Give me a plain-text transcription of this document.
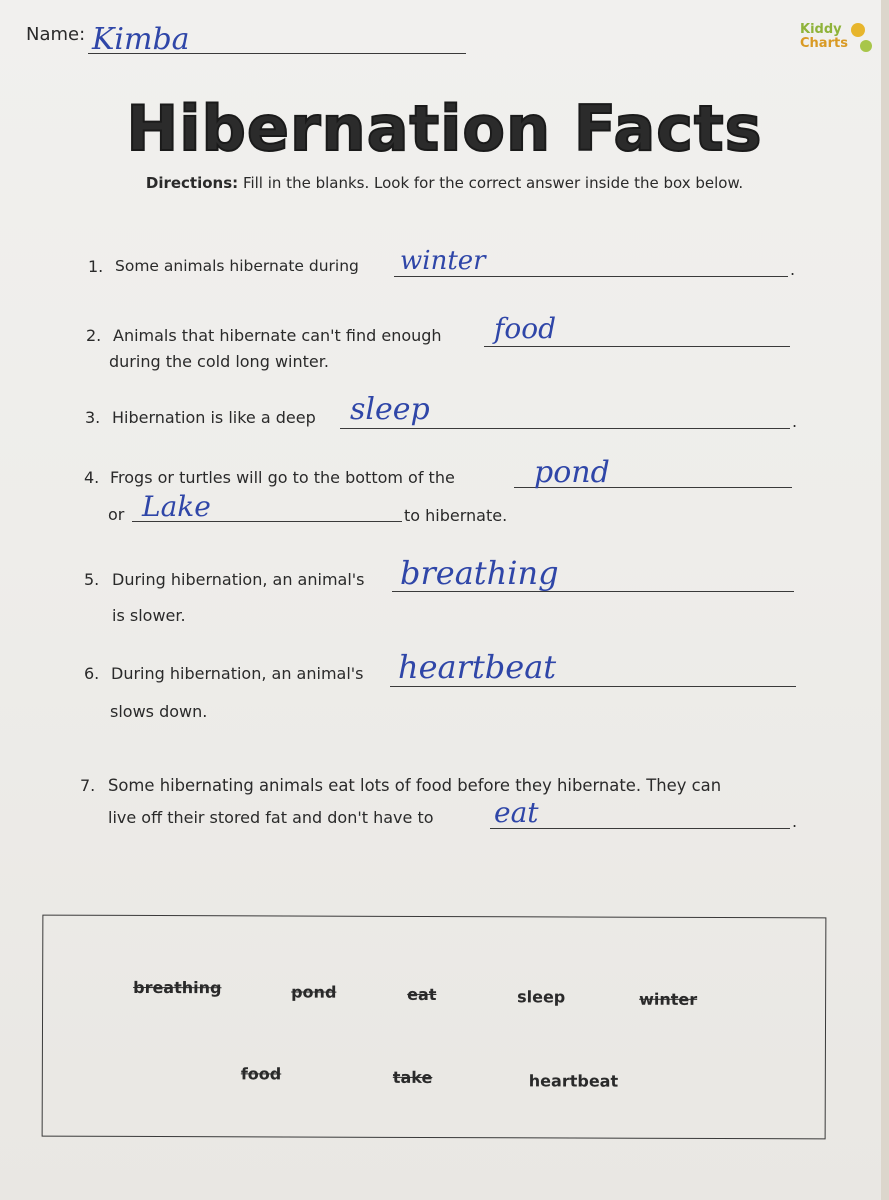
Name: Kimba	Kiddy
Charts
Hibernation Facts
Directions: Fill in the blanks. Look for the correct answer inside the box below.
1. Some animals hibernate during winter	.
2. Animals that hibernate can't find enough food
during the cold long winter.
3. Hibernation is like a deep sleep	.
4. Frogs or turtles will go to the bottom of the	pond
or Lake	to hibernate.
5. During hibernation, an animal's breathing
is slower.
6. During hibernation, an animal's heartbeat
slows down.
7. Some hibernating animals eat lots of food before they hibernate. They can
live off their stored fat and don't have to eat	.
breathing	pond	eat	sleep	winter
food	take	heartbeat
